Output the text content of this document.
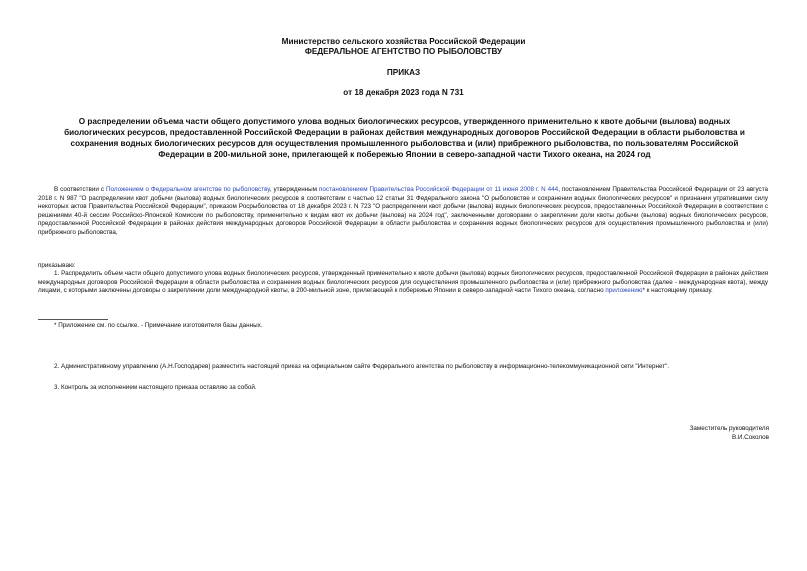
Министерство сельского хозяйства Российской Федерации
ФЕДЕРАЛЬНОЕ АГЕНТСТВО ПО РЫБОЛОВСТВУ
ПРИКАЗ
от 18 декабря 2023 года N 731
О распределении объема части общего допустимого улова водных биологических ресурсов, утвержденного применительно к квоте добычи (вылова) водных биологических ресурсов, предоставленной Российской Федерации в районах действия международных договоров Российской Федерации в области рыболовства и сохранения водных биологических ресурсов для осуществления промышленного рыболовства и (или) прибрежного рыболовства, по пользователям Российской Федерации в 200-мильной зоне, прилегающей к побережью Японии в северо-западной части Тихого океана, на 2024 год
В соответствии с Положением о Федеральном агентстве по рыболовству, утвержденным постановлением Правительства Российской Федерации от 11 июня 2008 г. N 444, постановлением Правительства Российской Федерации от 23 августа 2018 г. N 987 "О распределении квот добычи (вылова) водных биологических ресурсов в соответствии с частью 12 статьи 31 Федерального закона "О рыболовстве и сохранении водных биологических ресурсов" и признании утратившими силу некоторых актов Правительства Российской Федерации", приказом Росрыболовства от 18 декабря 2023 г. N 723 "О распределении квот добычи (вылова) водных биологических ресурсов, предоставленных Российской Федерации в соответствии с решениями 40-й сессии Российско-Японской Комиссии по рыболовству, применительно к видам квот их добычи (вылова) на 2024 год", заключенными договорами о закреплении доли квоты добычи (вылова) водных биологических ресурсов, предоставленной Российской Федерации в районах действия международных договоров Российской Федерации в области рыболовства и сохранения водных биологических ресурсов для осуществления промышленного рыболовства и (или) прибрежного рыболовства,
приказываю:
1. Распределить объем части общего допустимого улова водных биологических ресурсов, утвержденный применительно к квоте добычи (вылова) водных биологических ресурсов, предоставленной Российской Федерации в районах действия международных договоров Российской Федерации в области рыболовства и сохранения водных биологических ресурсов для осуществления промышленного рыболовства и (или) прибрежного рыболовства (далее - международная квота), между лицами, с которыми заключены договоры о закреплении доли международной квоты, в 200-мильной зоне, прилегающей к побережью Японии в северо-западной части Тихого океана, согласно приложению* к настоящему приказу.
* Приложение см. по ссылке. - Примечание изготовителя базы данных.
2. Административному управлению (А.Н.Господарев) разместить настоящий приказ на официальном сайте Федерального агентства по рыболовству в информационно-телекоммуникационной сети "Интернет".
3. Контроль за исполнением настоящего приказа оставляю за собой.
Заместитель руководителя
В.И.Соколов
